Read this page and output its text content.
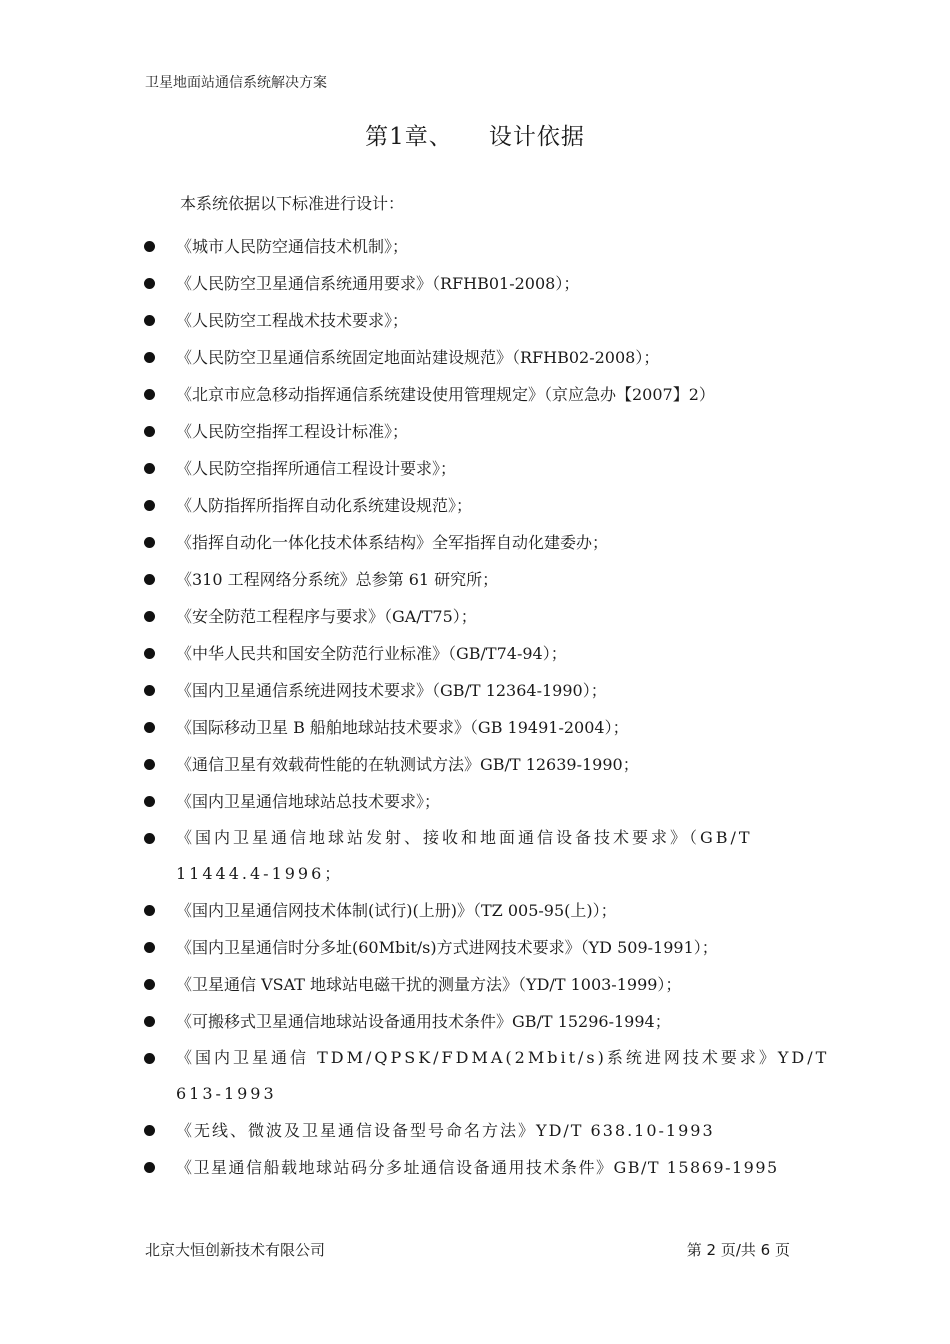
卫星地面站通信系统解决方案
第1章、 设计依据
本系统依据以下标准进行设计：
《城市人民防空通信技术机制》；
《人民防空卫星通信系统通用要求》（RFHB01-2008）；
《人民防空工程战术技术要求》；
《人民防空卫星通信系统固定地面站建设规范》（RFHB02-2008）；
《北京市应急移动指挥通信系统建设使用管理规定》（京应急办【2007】2）
《人民防空指挥工程设计标准》；
《人民防空指挥所通信工程设计要求》；
《人防指挥所指挥自动化系统建设规范》；
《指挥自动化一体化技术体系结构》全军指挥自动化建委办；
《310 工程网络分系统》总参第 61 研究所；
《安全防范工程程序与要求》（GA/T75）；
《中华人民共和国安全防范行业标准》（GB/T74-94）；
《国内卫星通信系统进网技术要求》（GB/T 12364-1990）；
《国际移动卫星 B 船舶地球站技术要求》（GB 19491-2004）；
《通信卫星有效载荷性能的在轨测试方法》GB/T 12639-1990；
《国内卫星通信地球站总技术要求》；
《国内卫星通信地球站发射、接收和地面通信设备技术要求》（GB/T 11444.4-1996；
《国内卫星通信网技术体制(试行)(上册)》（TZ 005-95(上)）；
《国内卫星通信时分多址(60Mbit/s)方式进网技术要求》（YD 509-1991）；
《卫星通信 VSAT 地球站电磁干扰的测量方法》（YD/T 1003-1999）；
《可搬移式卫星通信地球站设备通用技术条件》GB/T 15296-1994；
《国内卫星通信 TDM/QPSK/FDMA(2Mbit/s)系统进网技术要求》YD/T 613-1993
《无线、微波及卫星通信设备型号命名方法》YD/T 638.10-1993
《卫星通信船载地球站码分多址通信设备通用技术条件》GB/T 15869-1995
北京大恒创新技术有限公司	第 2 页/共 6 页
